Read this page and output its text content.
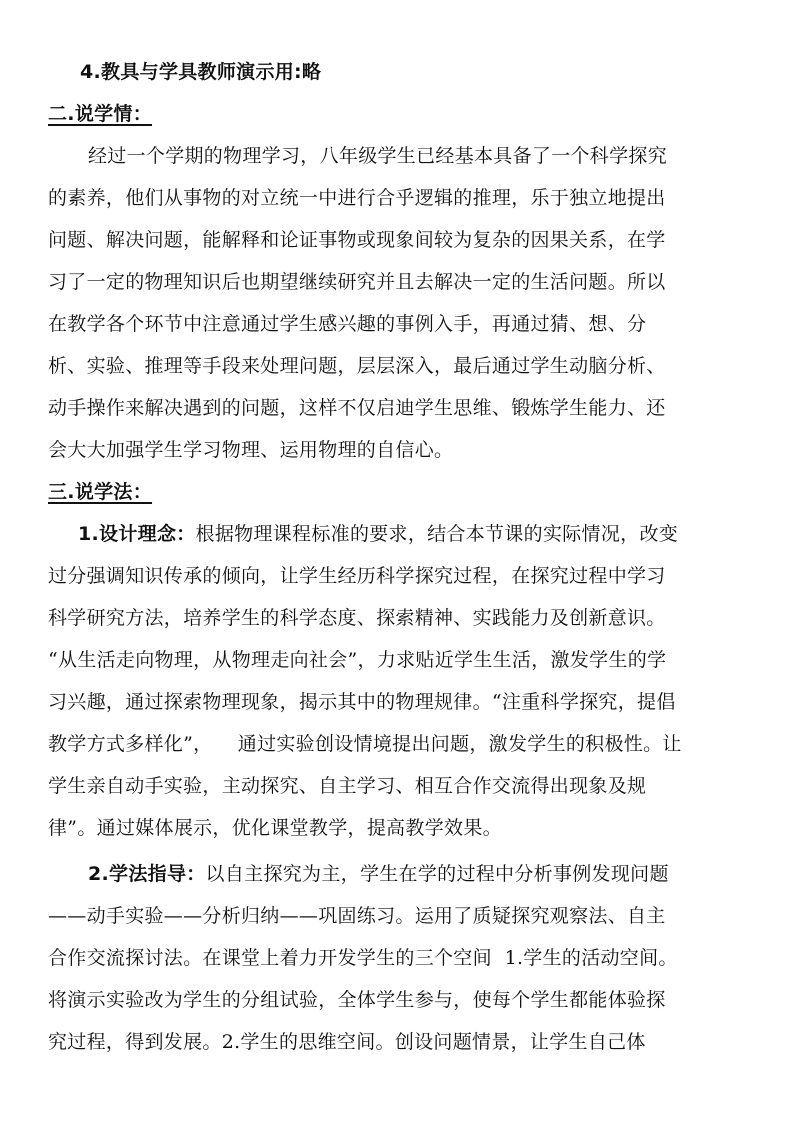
4.教具与学具教师演示用:略
二.说学情：
经过一个学期的物理学习，八年级学生已经基本具备了一个科学探究
的素养，他们从事物的对立统一中进行合乎逻辑的推理，乐于独立地提出
问题、解决问题，能解释和论证事物或现象间较为复杂的因果关系，在学
习了一定的物理知识后也期望继续研究并且去解决一定的生活问题。所以
在教学各个环节中注意通过学生感兴趣的事例入手，再通过猜、想、分
析、实验、推理等手段来处理问题，层层深入，最后通过学生动脑分析、
动手操作来解决遇到的问题，这样不仅启迪学生思维、锻炼学生能力、还
会大大加强学生学习物理、运用物理的自信心。
三.说学法：
1.设计理念：根据物理课程标准的要求，结合本节课的实际情况，改变
过分强调知识传承的倾向，让学生经历科学探究过程，在探究过程中学习
科学研究方法，培养学生的科学态度、探索精神、实践能力及创新意识。
“从生活走向物理，从物理走向社会”，力求贴近学生生活，激发学生的学
习兴趣，通过探索物理现象，揭示其中的物理规律。“注重科学探究，提倡
教学方式多样化”，    通过实验创设情境提出问题，激发学生的积极性。让
学生亲自动手实验，主动探究、自主学习、相互合作交流得出现象及规
律”。通过媒体展示，优化课堂教学，提高教学效果。
2.学法指导：以自主探究为主，学生在学的过程中分析事例发现问题
——动手实验——分析归纳——巩固练习。运用了质疑探究观察法、自主
合作交流探讨法。在课堂上着力开发学生的三个空间  1.学生的活动空间。
将演示实验改为学生的分组试验，全体学生参与，使每个学生都能体验探
究过程，得到发展。2.学生的思维空间。创设问题情景，让学生自己体
